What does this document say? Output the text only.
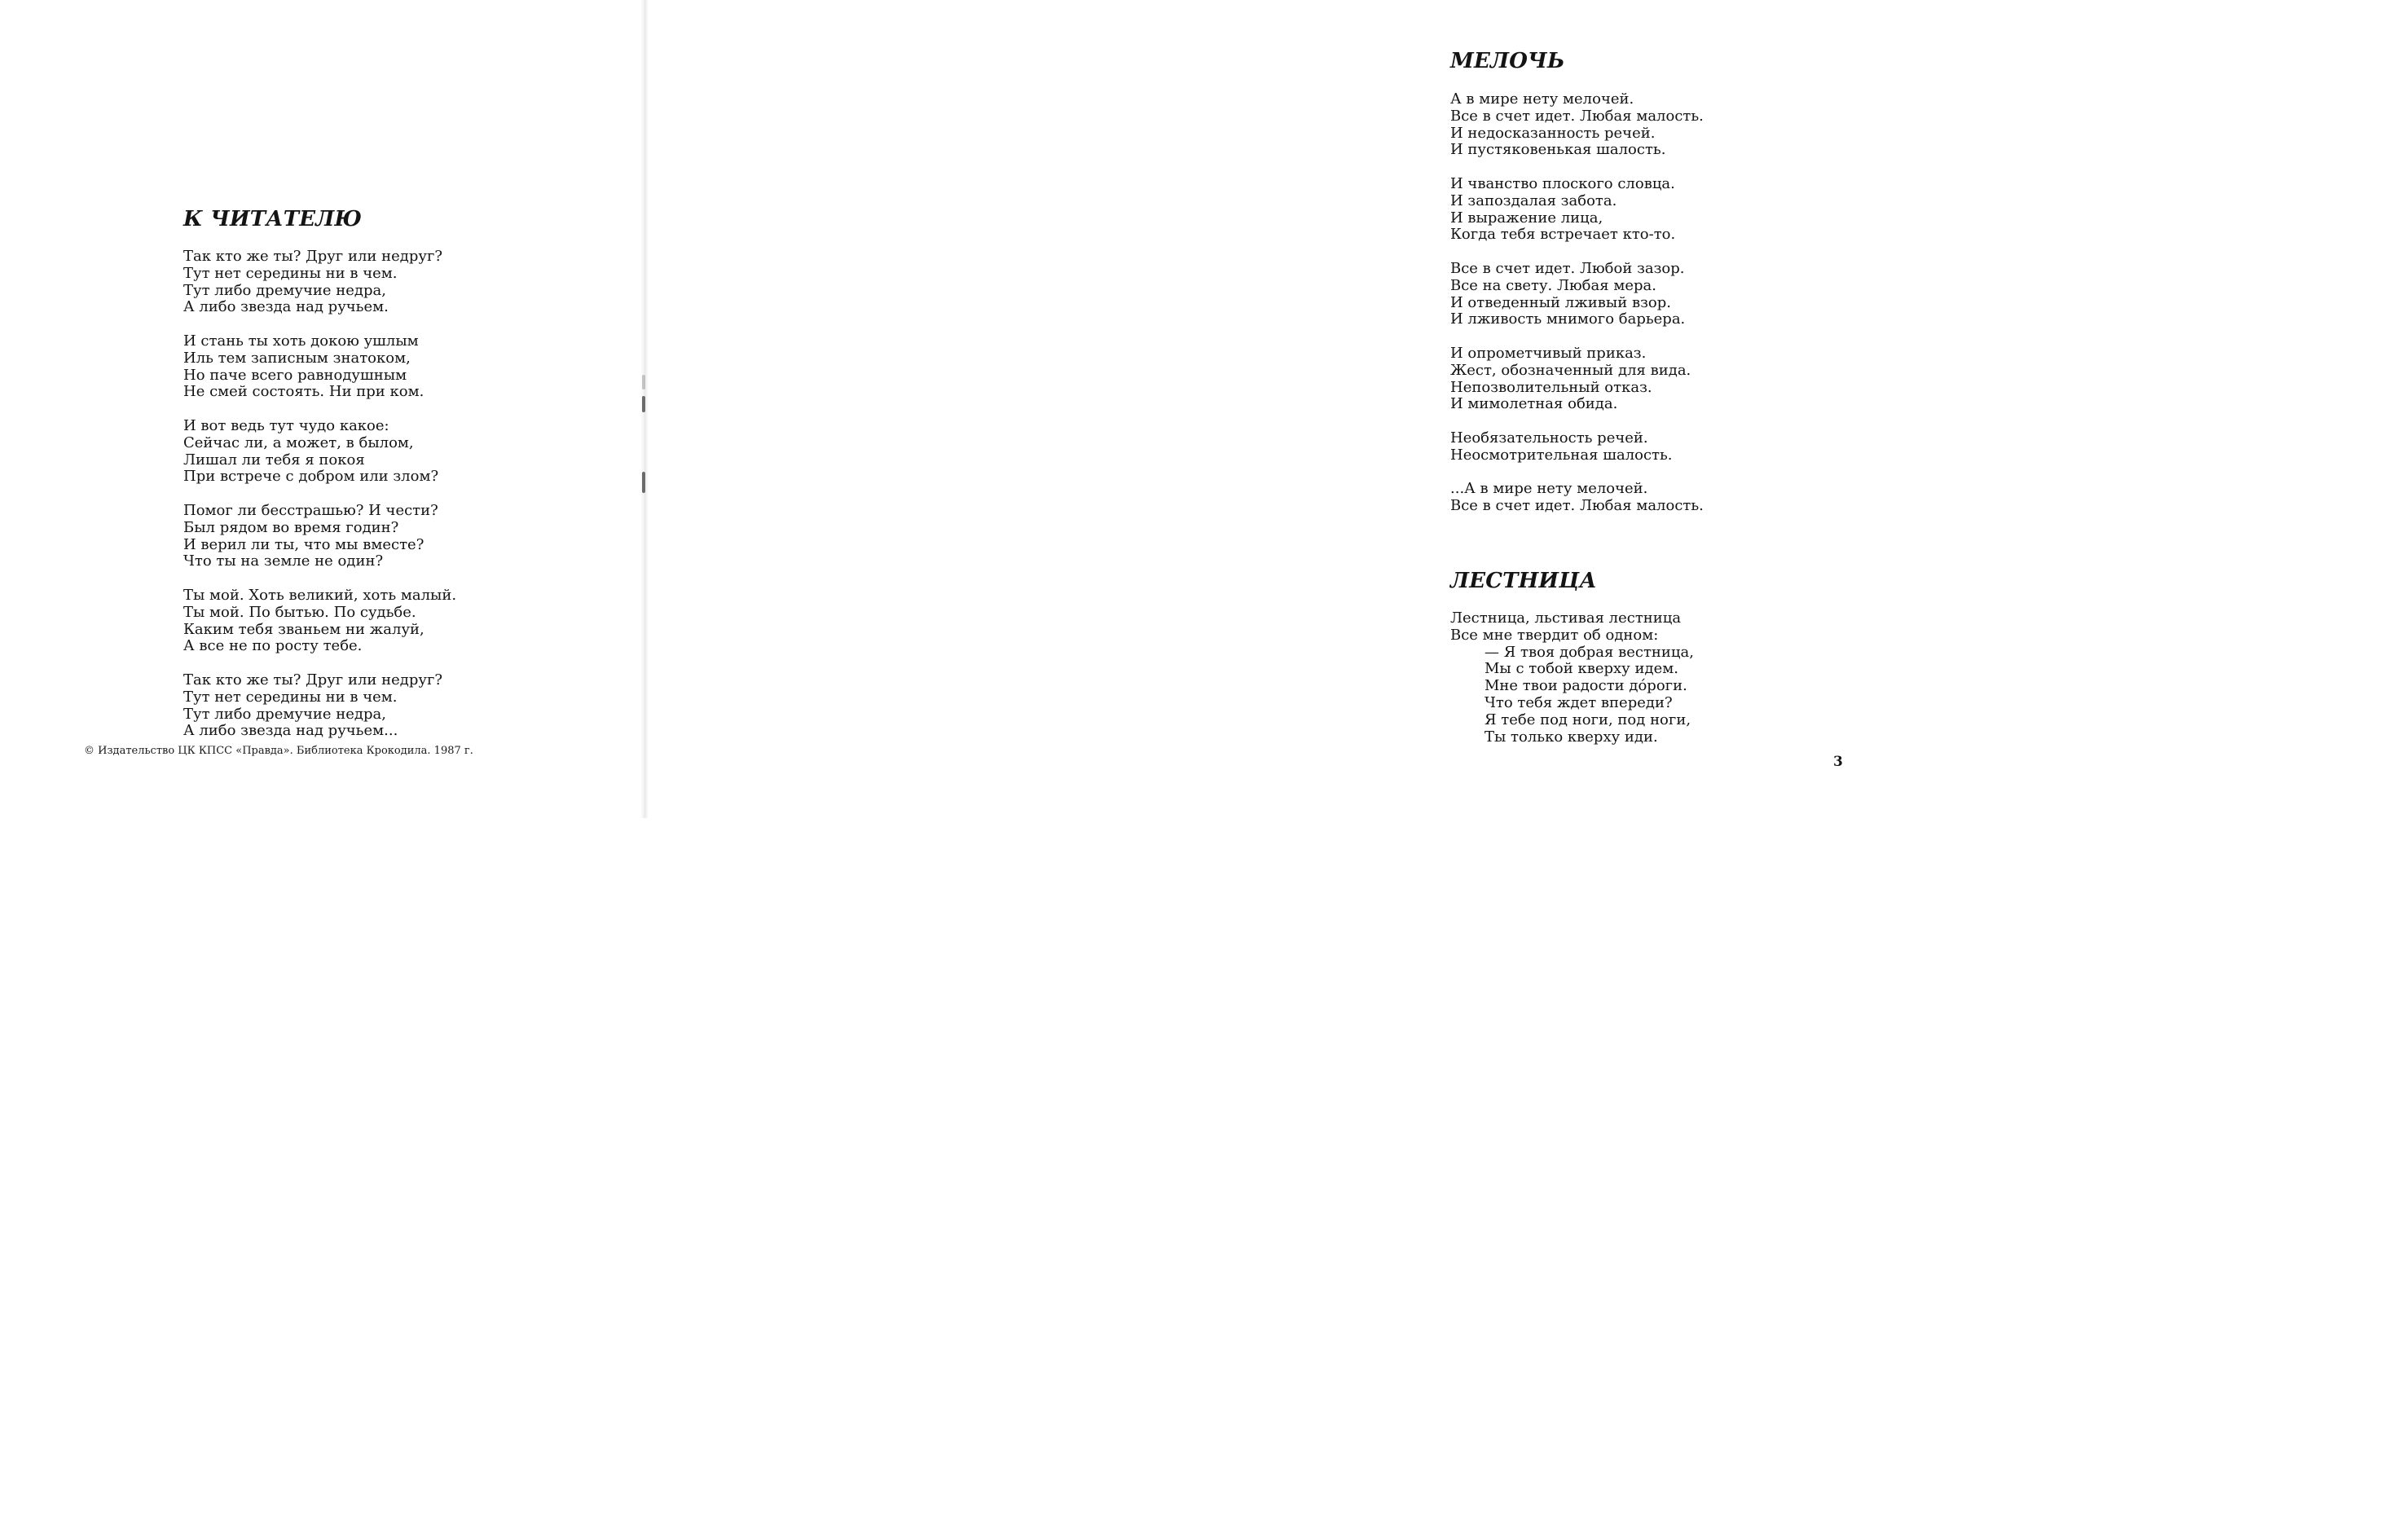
К ЧИТАТЕЛЮ
Так кто же ты? Друг или недруг?
Тут нет середины ни в чем.
Тут либо дремучие недра,
А либо звезда над ручьем.
И стань ты хоть докою ушлым
Иль тем записным знатоком,
Но паче всего равнодушным
Не смей состоять. Ни при ком.
И вот ведь тут чудо какое:
Сейчас ли, а может, в былом,
Лишал ли тебя я покоя
При встрече с добром или злом?
Помог ли бесстрашью? И чести?
Был рядом во время годин?
И верил ли ты, что мы вместе?
Что ты на земле не один?
Ты мой. Хоть великий, хоть малый.
Ты мой. По бытью. По судьбе.
Каким тебя званьем ни жалуй,
А все не по росту тебе.
Так кто же ты? Друг или недруг?
Тут нет середины ни в чем.
Тут либо дремучие недра,
А либо звезда над ручьем...
© Издательство ЦК КПСС «Правда». Библиотека Крокодила. 1987 г.
МЕЛОЧЬ
А в мире нету мелочей.
Все в счет идет. Любая малость.
И недосказанность речей.
И пустяковенькая шалость.
И чванство плоского словца.
И запоздалая забота.
И выражение лица,
Когда тебя встречает кто-то.
Все в счет идет. Любой зазор.
Все на свету. Любая мера.
И отведенный лживый взор.
И лживость мнимого барьера.
И опрометчивый приказ.
Жест, обозначенный для вида.
Непозволительный отказ.
И мимолетная обида.
Необязательность речей.
Неосмотрительная шалость.
...А в мире нету мелочей.
Все в счет идет. Любая малость.
ЛЕСТНИЦА
Лестница, льстивая лестница
Все мне твердит об одном:
— Я твоя добрая вестница,
Мы с тобой кверху идем.
Мне твои радости дóроги.
Что тебя ждет впереди?
Я тебе под ноги, под ноги,
Ты только кверху иди.
3
